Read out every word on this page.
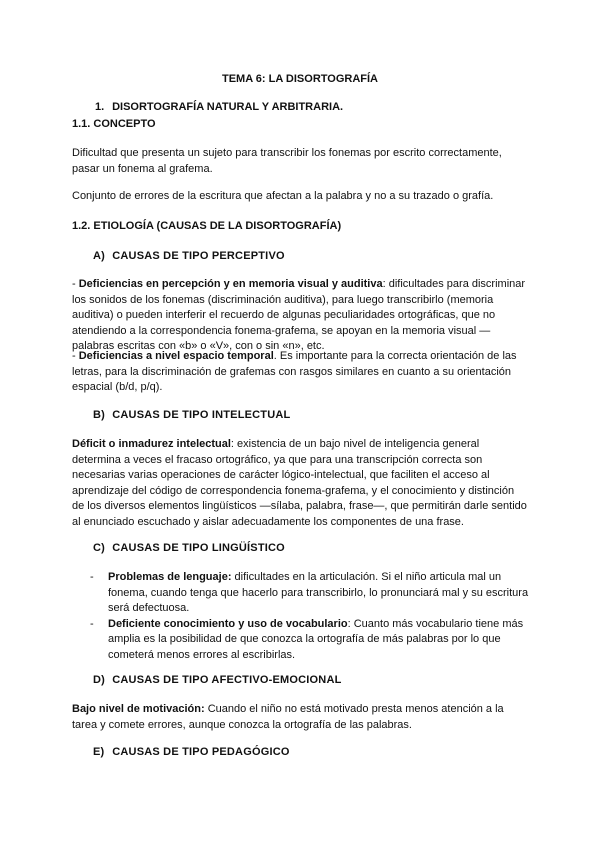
TEMA 6: LA DISORTOGRAFÍA
1. DISORTOGRAFÍA NATURAL Y ARBITRARIA.
1.1. CONCEPTO
Dificultad que presenta un sujeto para transcribir los fonemas por escrito correctamente, pasar un fonema al grafema.
Conjunto de errores de la escritura que afectan a la palabra y no a su trazado o grafía.
1.2. ETIOLOGÍA (CAUSAS DE LA DISORTOGRAFÍA)
A) CAUSAS DE TIPO PERCEPTIVO
- Deficiencias en percepción y en memoria visual y auditiva: dificultades para discriminar los sonidos de los fonemas (discriminación auditiva), para luego transcribirlo (memoria auditiva) o pueden interferir el recuerdo de algunas peculiaridades ortográficas, que no atendiendo a la correspondencia fonema-grafema, se apoyan en la memoria visual — palabras escritas con «b» o «V», con o sin «n», etc.
- Deficiencias a nivel espacio temporal. Es importante para la correcta orientación de las letras, para la discriminación de grafemas con rasgos similares en cuanto a su orientación espacial (b/d, p/q).
B) CAUSAS DE TIPO INTELECTUAL
Déficit o inmadurez intelectual: existencia de un bajo nivel de inteligencia general determina a veces el fracaso ortográfico, ya que para una transcripción correcta son necesarias varias operaciones de carácter lógico-intelectual, que faciliten el acceso al aprendizaje del código de correspondencia fonema-grafema, y el conocimiento y distinción de los diversos elementos lingüísticos —sílaba, palabra, frase—, que permitirán darle sentido al enunciado escuchado y aislar adecuadamente los componentes de una frase.
C) CAUSAS DE TIPO LINGÜÍSTICO
- Problemas de lenguaje: dificultades en la articulación. Si el niño articula mal un fonema, cuando tenga que hacerlo para transcribirlo, lo pronunciará mal y su escritura será defectuosa.
- Deficiente conocimiento y uso de vocabulario: Cuanto más vocabulario tiene más amplia es la posibilidad de que conozca la ortografía de más palabras por lo que cometerá menos errores al escribirlas.
D) CAUSAS DE TIPO AFECTIVO-EMOCIONAL
Bajo nivel de motivación: Cuando el niño no está motivado presta menos atención a la tarea y comete errores, aunque conozca la ortografía de las palabras.
E) CAUSAS DE TIPO PEDAGÓGICO
